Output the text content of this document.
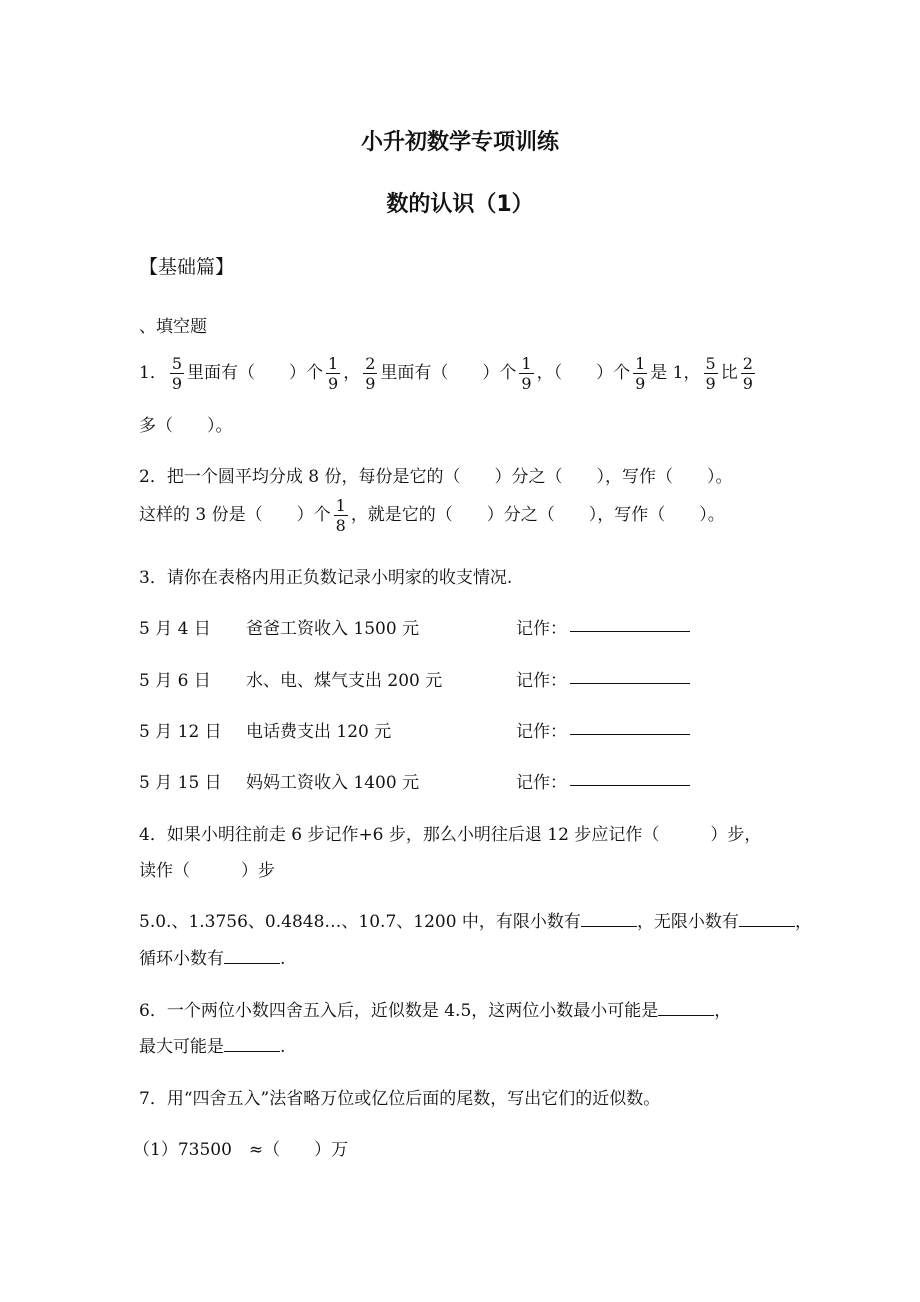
小升初数学专项训练
数的认识（1）
【基础篇】
、填空题
1． $\frac{5}{9}$ 里面有（　　）个 $\frac{1}{9}$ ， $\frac{2}{9}$ 里面有（　　）个 $\frac{1}{9}$ ，（　　）个 $\frac{1}{9}$ 是 1， $\frac{5}{9}$ 比 $\frac{2}{9}$
多（　　）。
2．把一个圆平均分成 8 份，每份是它的（　　）分之（　　），写作（　　）。
这样的 3 份是（　　）个 $\frac{1}{8}$ ，就是它的（　　）分之（　　），写作（　　）。
3．请你在表格内用正负数记录小明家的收支情况.
5 月 4 日 爸爸工资收入 1500 元	记作：
5 月 6 日 水、电、煤气支出 200 元	记作：
5 月 12 日 电话费支出 120 元	记作：
5 月 15 日 妈妈工资收入 1400 元	记作：
4．如果小明往前走 6 步记作+6 步，那么小明往后退 12 步应记作（　　　）步，
读作（　　　）步
5.0.、1.3756、0.4848…、10.7、1200 中，有限小数有	，无限小数有	，
循环小数有	.
6．一个两位小数四舍五入后，近似数是 4.5，这两位小数最小可能是	，
最大可能是	.
7．用“四舍五入”法省略万位或亿位后面的尾数，写出它们的近似数。
（1）73500　≈（　　）万
